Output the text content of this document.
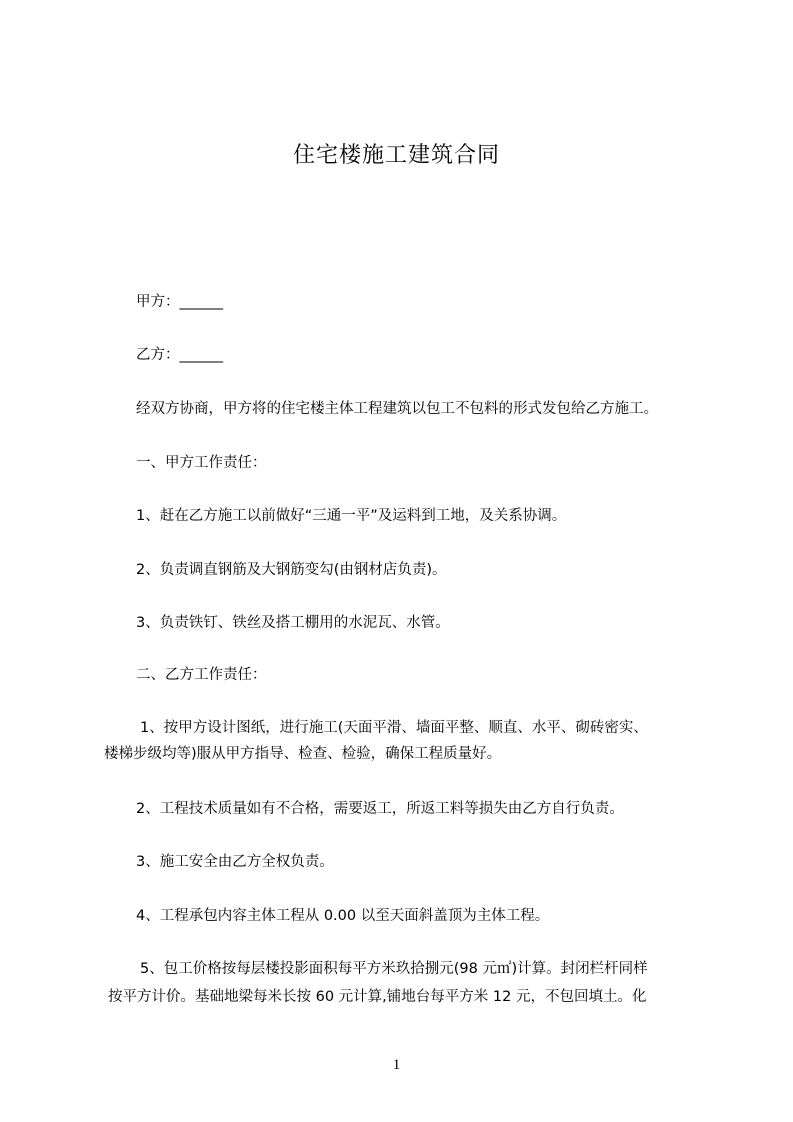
住宅楼施工建筑合同
甲方：______
乙方：______
经双方协商，甲方将的住宅楼主体工程建筑以包工不包料的形式发包给乙方施工。
一、甲方工作责任：
1、赶在乙方施工以前做好“三通一平”及运料到工地，及关系协调。
2、负责调直钢筋及大钢筋变勾(由钢材店负责)。
3、负责铁钉、铁丝及搭工棚用的水泥瓦、水管。
二、乙方工作责任：
1、按甲方设计图纸，进行施工(天面平滑、墙面平整、顺直、水平、砌砖密实、
楼梯步级均等)服从甲方指导、检查、检验，确保工程质量好。
2、工程技术质量如有不合格，需要返工，所返工料等损失由乙方自行负责。
3、施工安全由乙方全权负责。
4、工程承包内容主体工程从 0.00 以至天面斜盖顶为主体工程。
5、包工价格按每层楼投影面积每平方米玖拾捌元(98 元㎡)计算。封闭栏杆同样
按平方计价。基础地梁每米长按 60 元计算,铺地台每平方米 12 元，不包回填土。化
1
